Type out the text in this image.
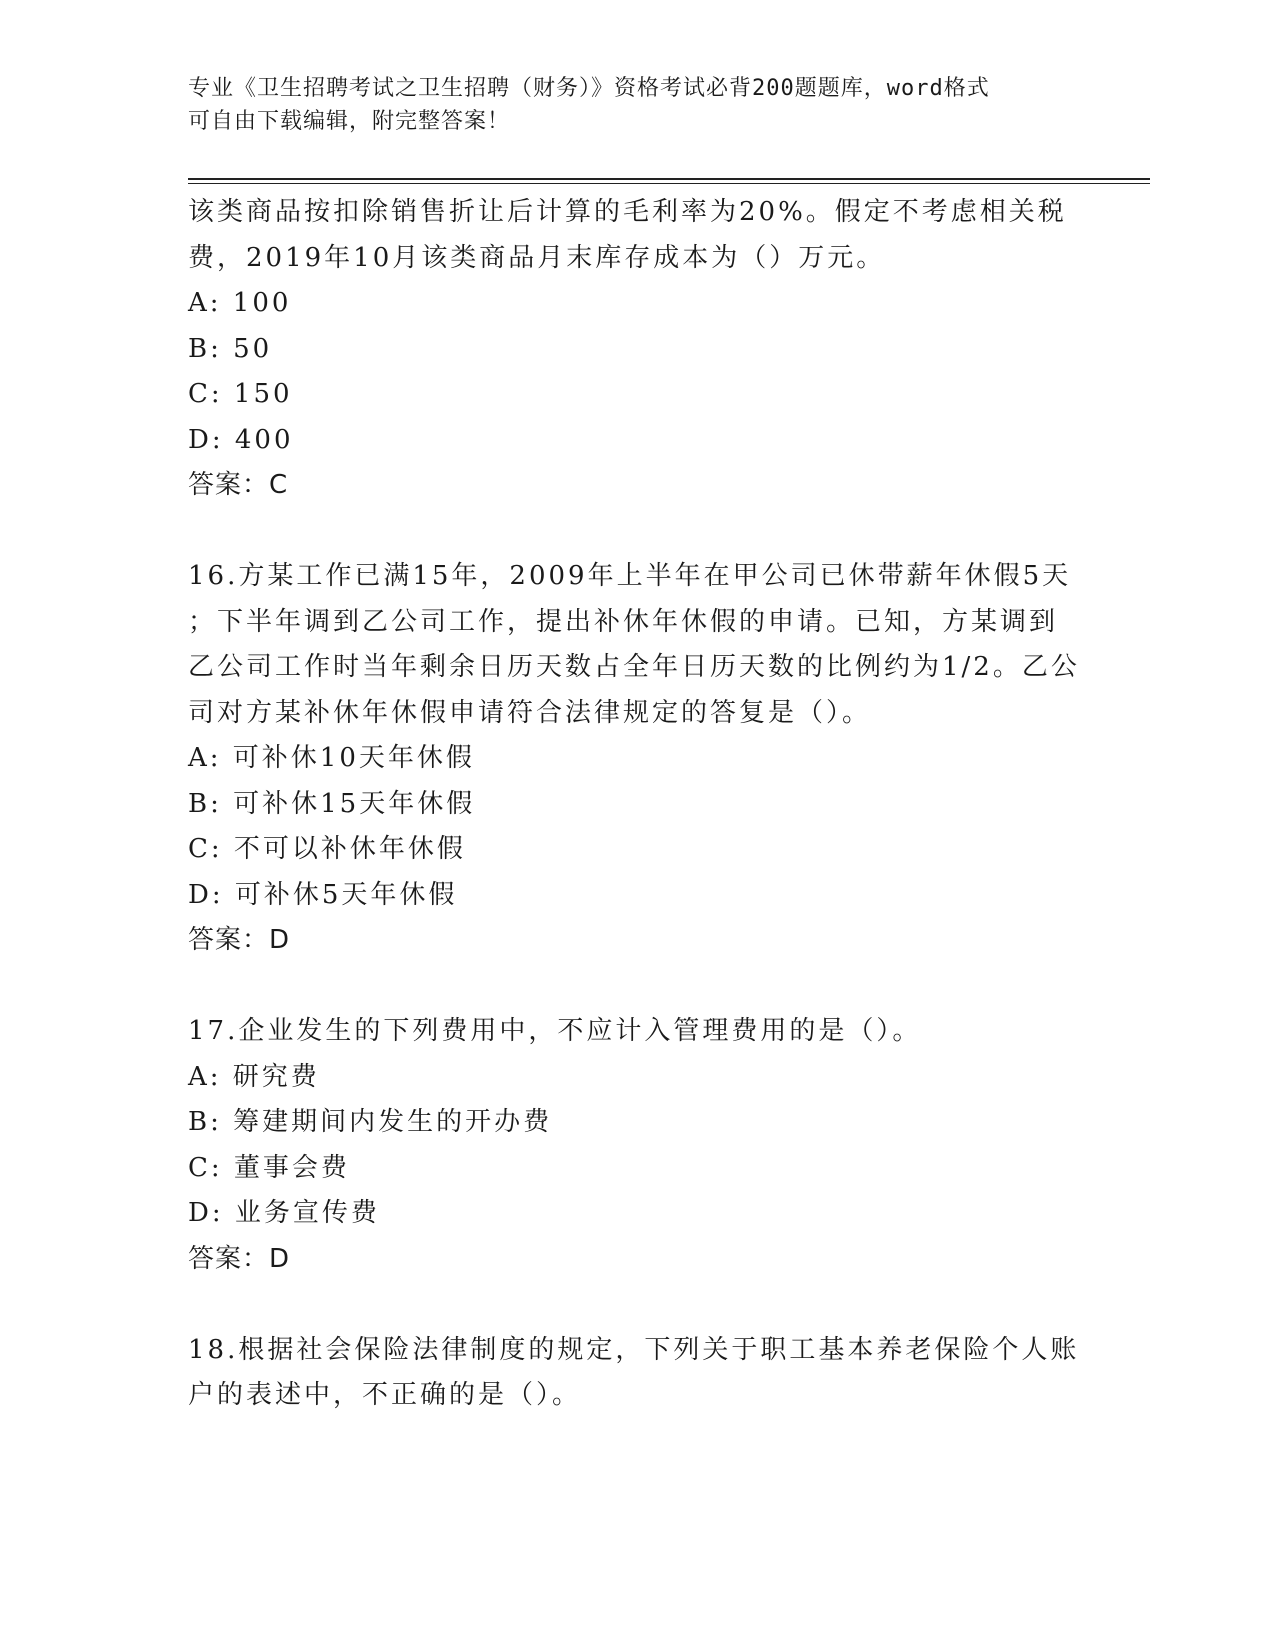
专业《卫生招聘考试之卫生招聘（财务）》资格考试必背200题题库，word格式
可自由下载编辑，附完整答案！
该类商品按扣除销售折让后计算的毛利率为20%。假定不考虑相关税
费，2019年10月该类商品月末库存成本为（）万元。
A: 100
B: 50
C: 150
D: 400
答案：C
16.方某工作已满15年，2009年上半年在甲公司已休带薪年休假5天
；下半年调到乙公司工作，提出补休年休假的申请。已知，方某调到
乙公司工作时当年剩余日历天数占全年日历天数的比例约为1/2。乙公
司对方某补休年休假申请符合法律规定的答复是（）。
A: 可补休10天年休假
B: 可补休15天年休假
C: 不可以补休年休假
D: 可补休5天年休假
答案：D
17.企业发生的下列费用中，不应计入管理费用的是（）。
A: 研究费
B: 筹建期间内发生的开办费
C: 董事会费
D: 业务宣传费
答案：D
18.根据社会保险法律制度的规定，下列关于职工基本养老保险个人账
户的表述中，不正确的是（）。
